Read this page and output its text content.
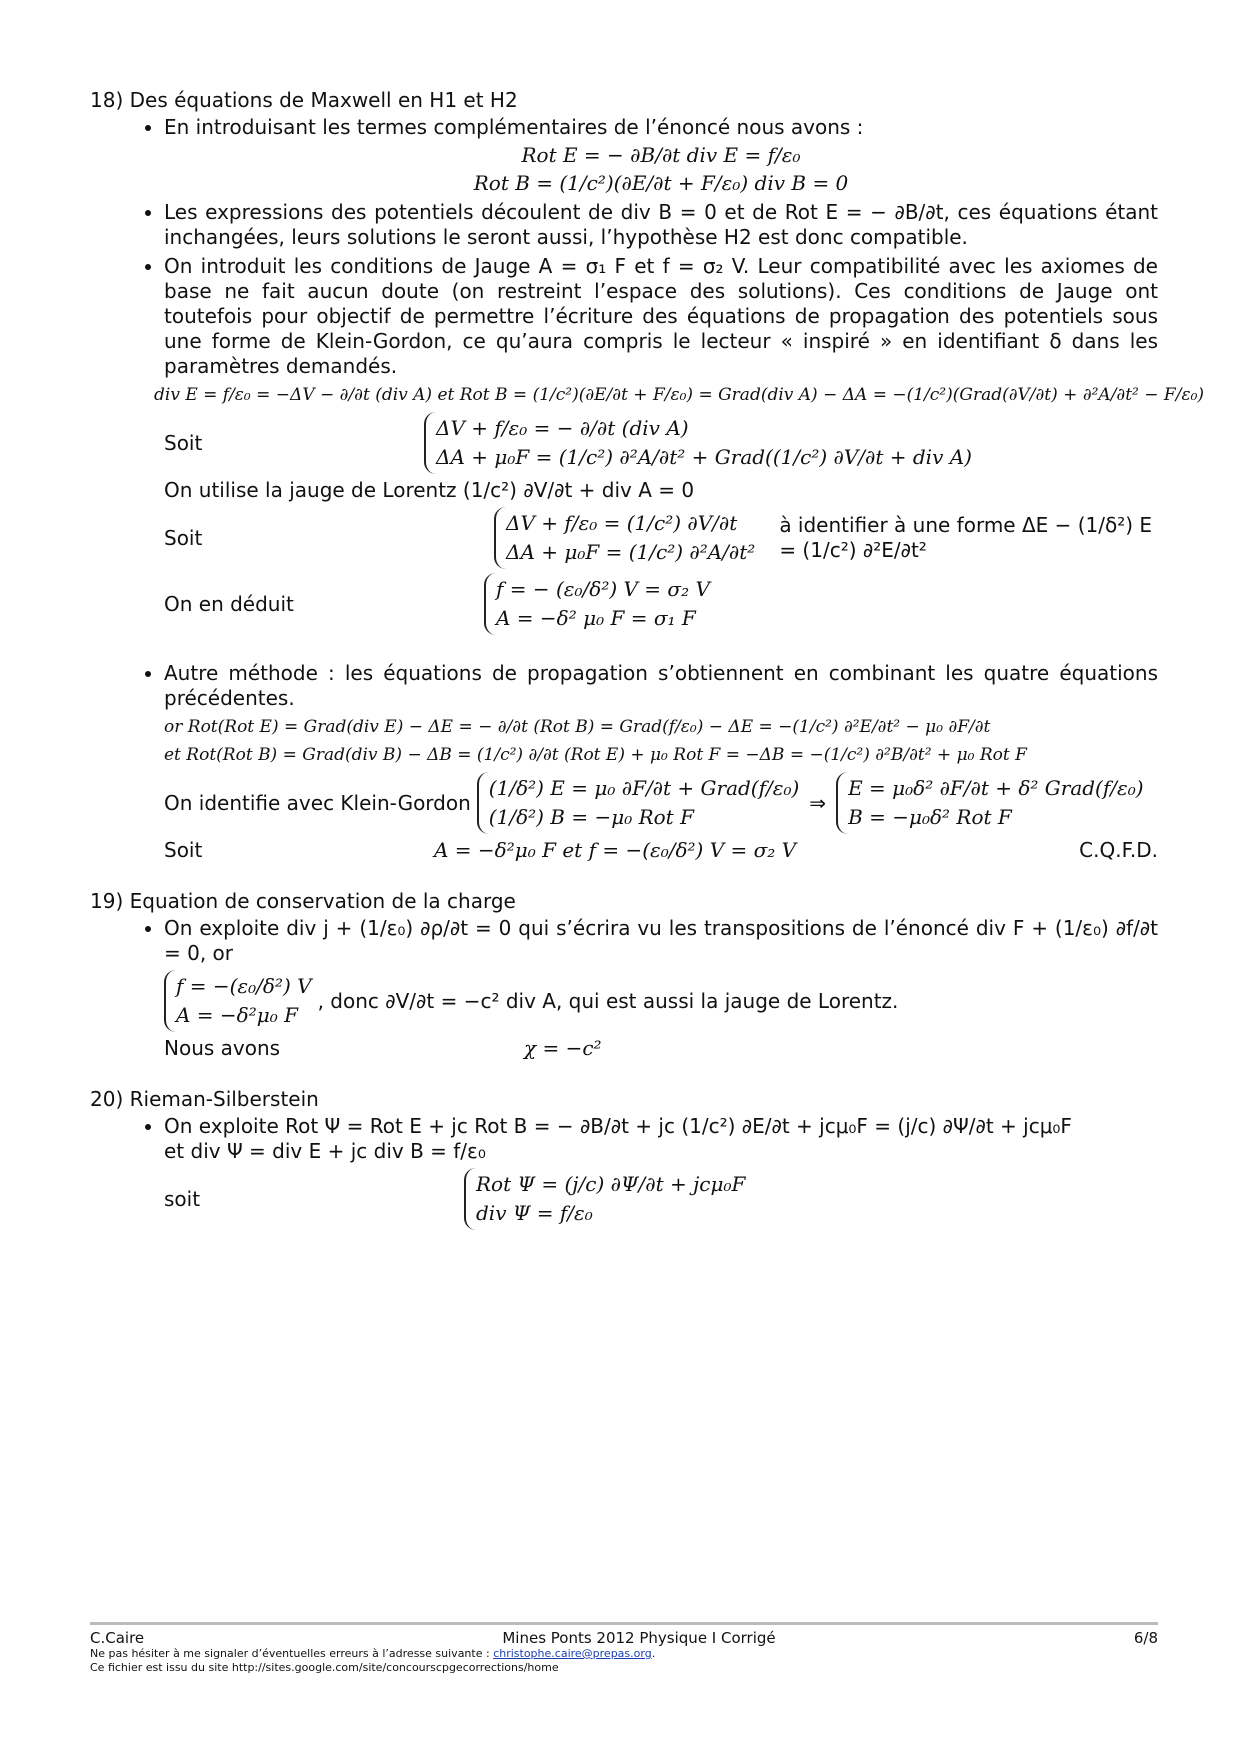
18) Des équations de Maxwell en H1 et H2

• En introduisant les termes complémentaires de l’énoncé nous avons :
Rot E = − ∂B/∂t div E = f/ε₀
Rot B = (1/c²)(∂E/∂t + F/ε₀) div B = 0
• Les expressions des potentiels découlent de div B = 0 et de Rot E = − ∂B/∂t, ces équations étant inchangées, leurs solutions le seront aussi, l’hypothèse H2 est donc compatible.
• On introduit les conditions de Jauge A = σ₁ F et f = σ₂ V. Leur compatibilité avec les axiomes de base ne fait aucun doute (on restreint l’espace des solutions). Ces conditions de Jauge ont toutefois pour objectif de permettre l’écriture des équations de propagation des potentiels sous une forme de Klein-Gordon, ce qu’aura compris le lecteur « inspiré » en identifiant δ dans les paramètres demandés.
div E = f/ε₀ = −ΔV − ∂/∂t (div A) et Rot B = (1/c²)(∂E/∂t + F/ε₀) = Grad(div A) − ΔA = −(1/c²)(Grad(∂V/∂t) + ∂²A/∂t² − F/ε₀)
Soit
ΔV + f/ε₀ = − ∂/∂t (div A)
ΔA + μ₀F = (1/c²) ∂²A/∂t² + Grad((1/c²) ∂V/∂t + div A)
On utilise la jauge de Lorentz (1/c²) ∂V/∂t + div A = 0
Soit
ΔV + f/ε₀ = (1/c²) ∂V/∂t
ΔA + μ₀F = (1/c²) ∂²A/∂t²
à identifier à une forme ΔE − (1/δ²) E = (1/c²) ∂²E/∂t²
On en déduit
f = − (ε₀/δ²) V = σ₂ V
A = −δ² μ₀ F = σ₁ F
• Autre méthode : les équations de propagation s’obtiennent en combinant les quatre équations précédentes.
or Rot(Rot E) = Grad(div E) − ΔE = − ∂/∂t (Rot B) = Grad(f/ε₀) − ΔE = −(1/c²) ∂²E/∂t² − μ₀ ∂F/∂t
et Rot(Rot B) = Grad(div B) − ΔB = (1/c²) ∂/∂t (Rot E) + μ₀ Rot F = −ΔB = −(1/c²) ∂²B/∂t² + μ₀ Rot F
On identifie avec Klein-Gordon
(1/δ²) E = μ₀ ∂F/∂t + Grad(f/ε₀)
(1/δ²) B = −μ₀ Rot F
⇒
E = μ₀δ² ∂F/∂t + δ² Grad(f/ε₀)
B = −μ₀δ² Rot F
Soit	A = −δ²μ₀ F et f = −(ε₀/δ²) V = σ₂ V	C.Q.F.D.

19) Equation de conservation de la charge

• On exploite div j + (1/ε₀) ∂ρ/∂t = 0 qui s’écrira vu les transpositions de l’énoncé div F + (1/ε₀) ∂f/∂t = 0, or
f = −(ε₀/δ²) V
A = −δ²μ₀ F
, donc ∂V/∂t = −c² div A, qui est aussi la jauge de Lorentz.
Nous avons	χ = −c²

20) Rieman-Silberstein

• On exploite Rot Ψ = Rot E + jc Rot B = − ∂B/∂t + jc (1/c²) ∂E/∂t + jcμ₀F = (j/c) ∂Ψ/∂t + jcμ₀F
et div Ψ = div E + jc div B = f/ε₀
soit
Rot Ψ = (j/c) ∂Ψ/∂t + jcμ₀F
div Ψ = f/ε₀
C.Caire	Mines Ponts 2012 Physique I Corrigé	6/8
Ne pas hésiter à me signaler d’éventuelles erreurs à l’adresse suivante : christophe.caire@prepas.org.
Ce fichier est issu du site http://sites.google.com/site/concourscpgecorrections/home
